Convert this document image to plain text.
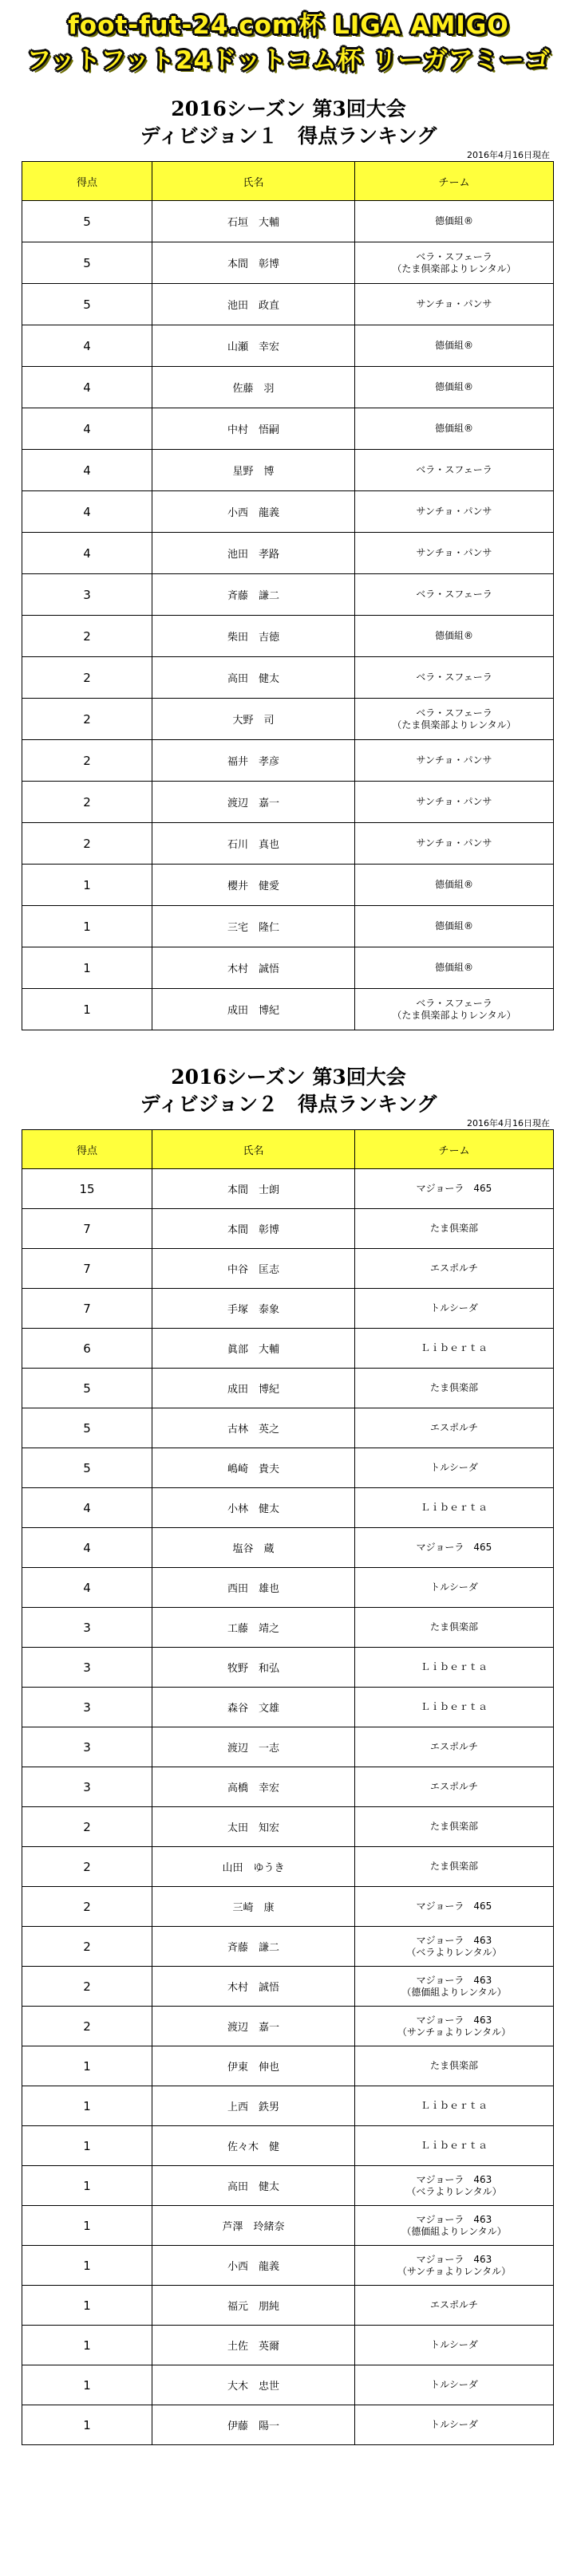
foot-fut-24.com杯 LIGA AMIGO
フットフット24ドットコム杯 リーガアミーゴ
2016シーズン 第3回大会
ディビジョン１　得点ランキング
2016年4月16日現在
得点	氏名	チーム
5	石垣　大輔	德価組®

5	本間　彰博	ベラ・スフェーラ
（たま倶楽部よりレンタル）

5	池田　政直	サンチョ・パンサ

4	山瀬　幸宏	德価組®

4	佐藤　羽	德価組®

4	中村　悟嗣	德価組®

4	星野　博	ベラ・スフェーラ

4	小西　龍義	サンチョ・パンサ

4	池田　孝路	サンチョ・パンサ

3	斉藤　謙二	ベラ・スフェーラ

2	柴田　吉徳	德価組®

2	高田　健太	ベラ・スフェーラ

2	大野　司	ベラ・スフェーラ
（たま倶楽部よりレンタル）

2	福井　孝彦	サンチョ・パンサ

2	渡辺　嘉一	サンチョ・パンサ

2	石川　真也	サンチョ・パンサ

1	櫻井　健愛	德価組®

1	三宅　隆仁	德価組®

1	木村　誠悟	德価組®

1	成田　博紀	ベラ・スフェーラ
（たま倶楽部よりレンタル）
2016シーズン 第3回大会
ディビジョン２　得点ランキング
2016年4月16日現在
得点	氏名	チーム
15	本間　士朗	マジョーラ　465

7	本間　彰博	たま倶楽部

7	中谷　匡志	エスポルチ

7	手塚　泰象	トルシーダ

6	眞部　大輔	Ｌｉｂｅｒｔａ

5	成田　博紀	たま倶楽部

5	古林　英之	エスポルチ

5	嶋崎　貴夫	トルシーダ

4	小林　健太	Ｌｉｂｅｒｔａ

4	塩谷　蔵	マジョーラ　465

4	西田　雄也	トルシーダ

3	工藤　靖之	たま倶楽部

3	牧野　和弘	Ｌｉｂｅｒｔａ

3	森谷　文雄	Ｌｉｂｅｒｔａ

3	渡辺　一志	エスポルチ

3	高橋　幸宏	エスポルチ

2	太田　知宏	たま倶楽部

2	山田　ゆうき	たま倶楽部

2	三崎　康	マジョーラ　465

2	斉藤　謙二	マジョーラ　463
（ベラよりレンタル）

2	木村　誠悟	マジョーラ　463
（德価組よりレンタル）

2	渡辺　嘉一	マジョーラ　463
（サンチョよりレンタル）

1	伊東　伸也	たま倶楽部

1	上西　鉄男	Ｌｉｂｅｒｔａ

1	佐々木　健	Ｌｉｂｅｒｔａ

1	高田　健太	マジョーラ　463
（ベラよりレンタル）

1	芦澤　玲緒奈	マジョーラ　463
（德価組よりレンタル）

1	小西　龍義	マジョーラ　463
（サンチョよりレンタル）

1	福元　朋純	エスポルチ

1	土佐　英爾	トルシーダ

1	大木　忠世	トルシーダ

1	伊藤　陽一	トルシーダ
